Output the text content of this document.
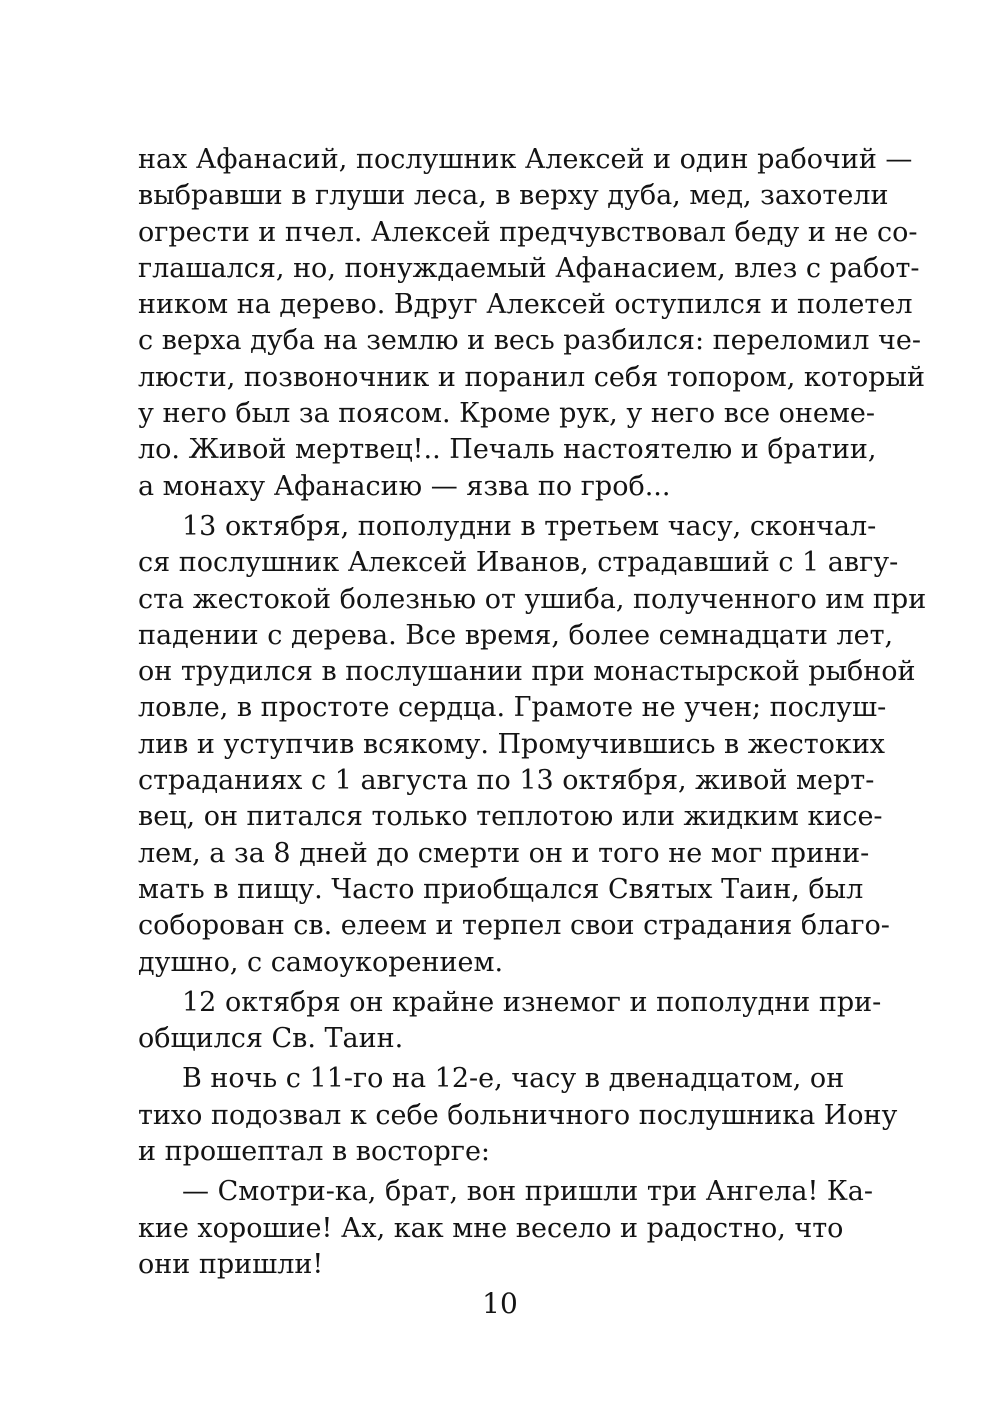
нах Афанасий, послушник Алексей и один рабочий —
выбравши в глуши леса, в верху дуба, мед, захотели
огрести и пчел. Алексей предчувствовал беду и не со-
глашался, но, понуждаемый Афанасием, влез с работ-
ником на дерево. Вдруг Алексей оступился и полетел
с верха дуба на землю и весь разбился: переломил че-
люсти, позвоночник и поранил себя топором, который
у него был за поясом. Кроме рук, у него все онеме-
ло. Живой мертвец!.. Печаль настоятелю и братии,
а монаху Афанасию — язва по гроб...
13 октября, пополудни в третьем часу, скончал-
ся послушник Алексей Иванов, страдавший с 1 авгу-
ста жестокой болезнью от ушиба, полученного им при
падении с дерева. Все время, более семнадцати лет,
он трудился в послушании при монастырской рыбной
ловле, в простоте сердца. Грамоте не учен; послуш-
лив и уступчив всякому. Промучившись в жестоких
страданиях с 1 августа по 13 октября, живой мерт-
вец, он питался только теплотою или жидким кисе-
лем, а за 8 дней до смерти он и того не мог прини-
мать в пищу. Часто приобщался Святых Таин, был
соборован св. елеем и терпел свои страдания благо-
душно, с самоукорением.
12 октября он крайне изнемог и пополудни при-
общился Св. Таин.
В ночь с 11-го на 12-е, часу в двенадцатом, он
тихо подозвал к себе больничного послушника Иону
и прошептал в восторге:
— Смотри-ка, брат, вон пришли три Ангела! Ка-
кие хорошие! Ах, как мне весело и радостно, что
они пришли!
10
